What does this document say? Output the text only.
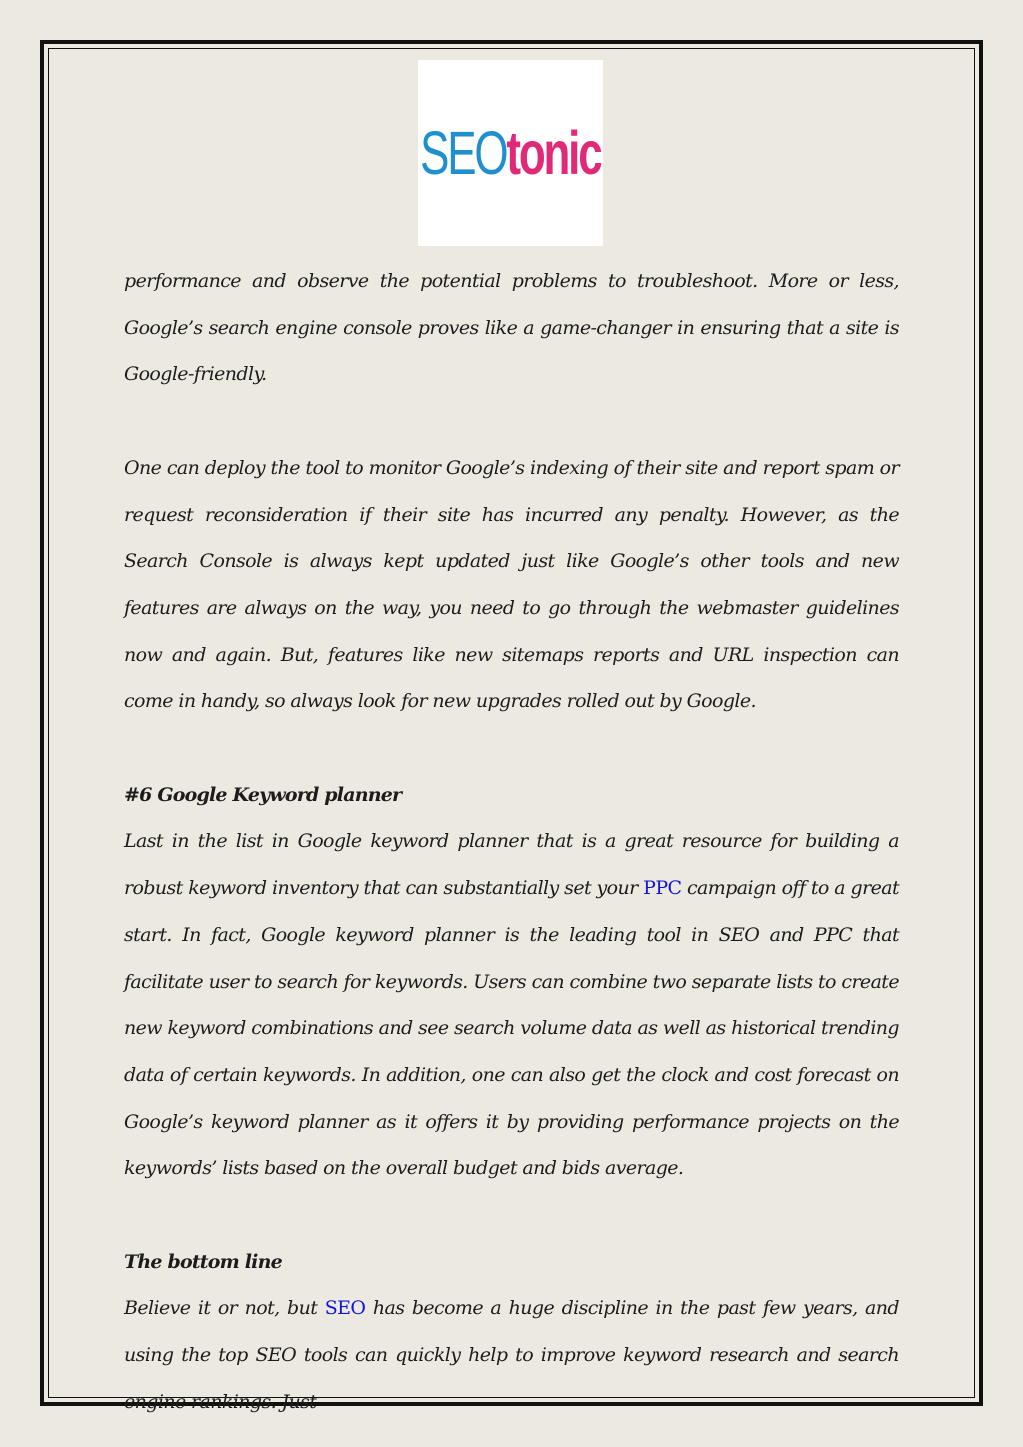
SEOtonic

performance and observe the potential problems to troubleshoot. More or less, Google’s search engine console proves like a game-changer in ensuring that a site is Google-friendly.

One can deploy the tool to monitor Google’s indexing of their site and report spam or request reconsideration if their site has incurred any penalty. However, as the Search Console is always kept updated just like Google’s other tools and new features are always on the way, you need to go through the webmaster guidelines now and again. But, features like new sitemaps reports and URL inspection can come in handy, so always look for new upgrades rolled out by Google.

#6 Google Keyword planner

Last in the list in Google keyword planner that is a great resource for building a robust keyword inventory that can substantially set your PPC campaign off to a great start. In fact, Google keyword planner is the leading tool in SEO and PPC that facilitate user to search for keywords. Users can combine two separate lists to create new keyword combinations and see search volume data as well as historical trending data of certain keywords. In addition, one can also get the clock and cost forecast on Google’s keyword planner as it offers it by providing performance projects on the keywords’ lists based on the overall budget and bids average.

The bottom line

Believe it or not, but SEO has become a huge discipline in the past few years, and using the top SEO tools can quickly help to improve keyword research and search engine rankings. Just
